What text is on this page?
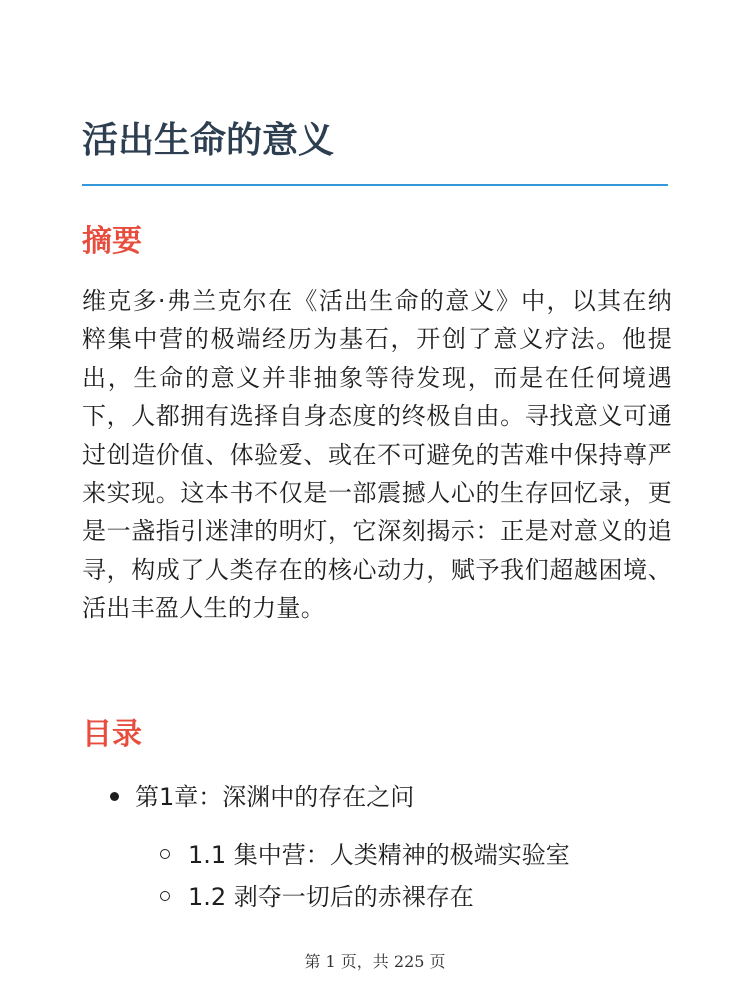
活出生命的意义
摘要

维克多·弗兰克尔在《活出生命的意义》中，以其在纳粹集中营的极端经历为基石，开创了意义疗法。他提出，生命的意义并非抽象等待发现，而是在任何境遇下，人都拥有选择自身态度的终极自由。寻找意义可通过创造价值、体验爱、或在不可避免的苦难中保持尊严来实现。这本书不仅是一部震撼人心的生存回忆录，更是一盏指引迷津的明灯，它深刻揭示：正是对意义的追寻，构成了人类存在的核心动力，赋予我们超越困境、活出丰盈人生的力量。

目录
第1章：深渊中的存在之问
1.1 集中营：人类精神的极端实验室
1.2 剥夺一切后的赤裸存在
第 1 页，共 225 页
